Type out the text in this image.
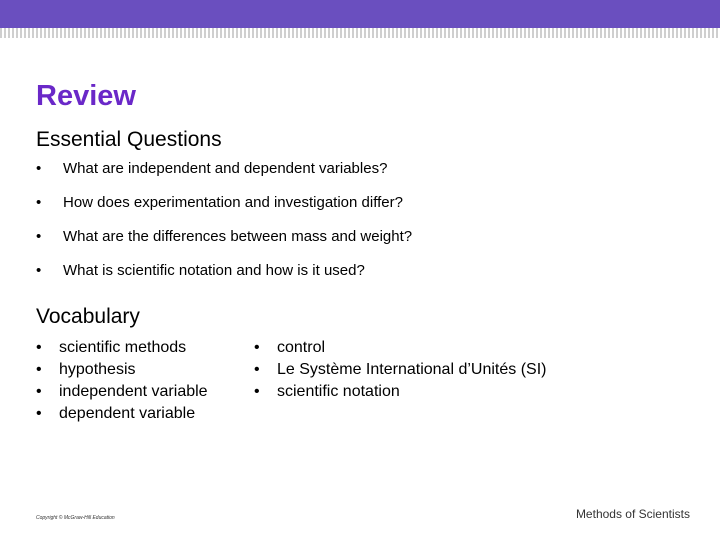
Review
Essential Questions
• What are independent and dependent variables?
• How does experimentation and investigation differ?
• What are the differences between mass and weight?
• What is scientific notation and how is it used?
Vocabulary
• scientific methods
• hypothesis
• independent variable
• dependent variable
• control
• Le Système International d’Unités (SI)
• scientific notation
Copyright © McGraw-Hill Education	Methods of Scientists
